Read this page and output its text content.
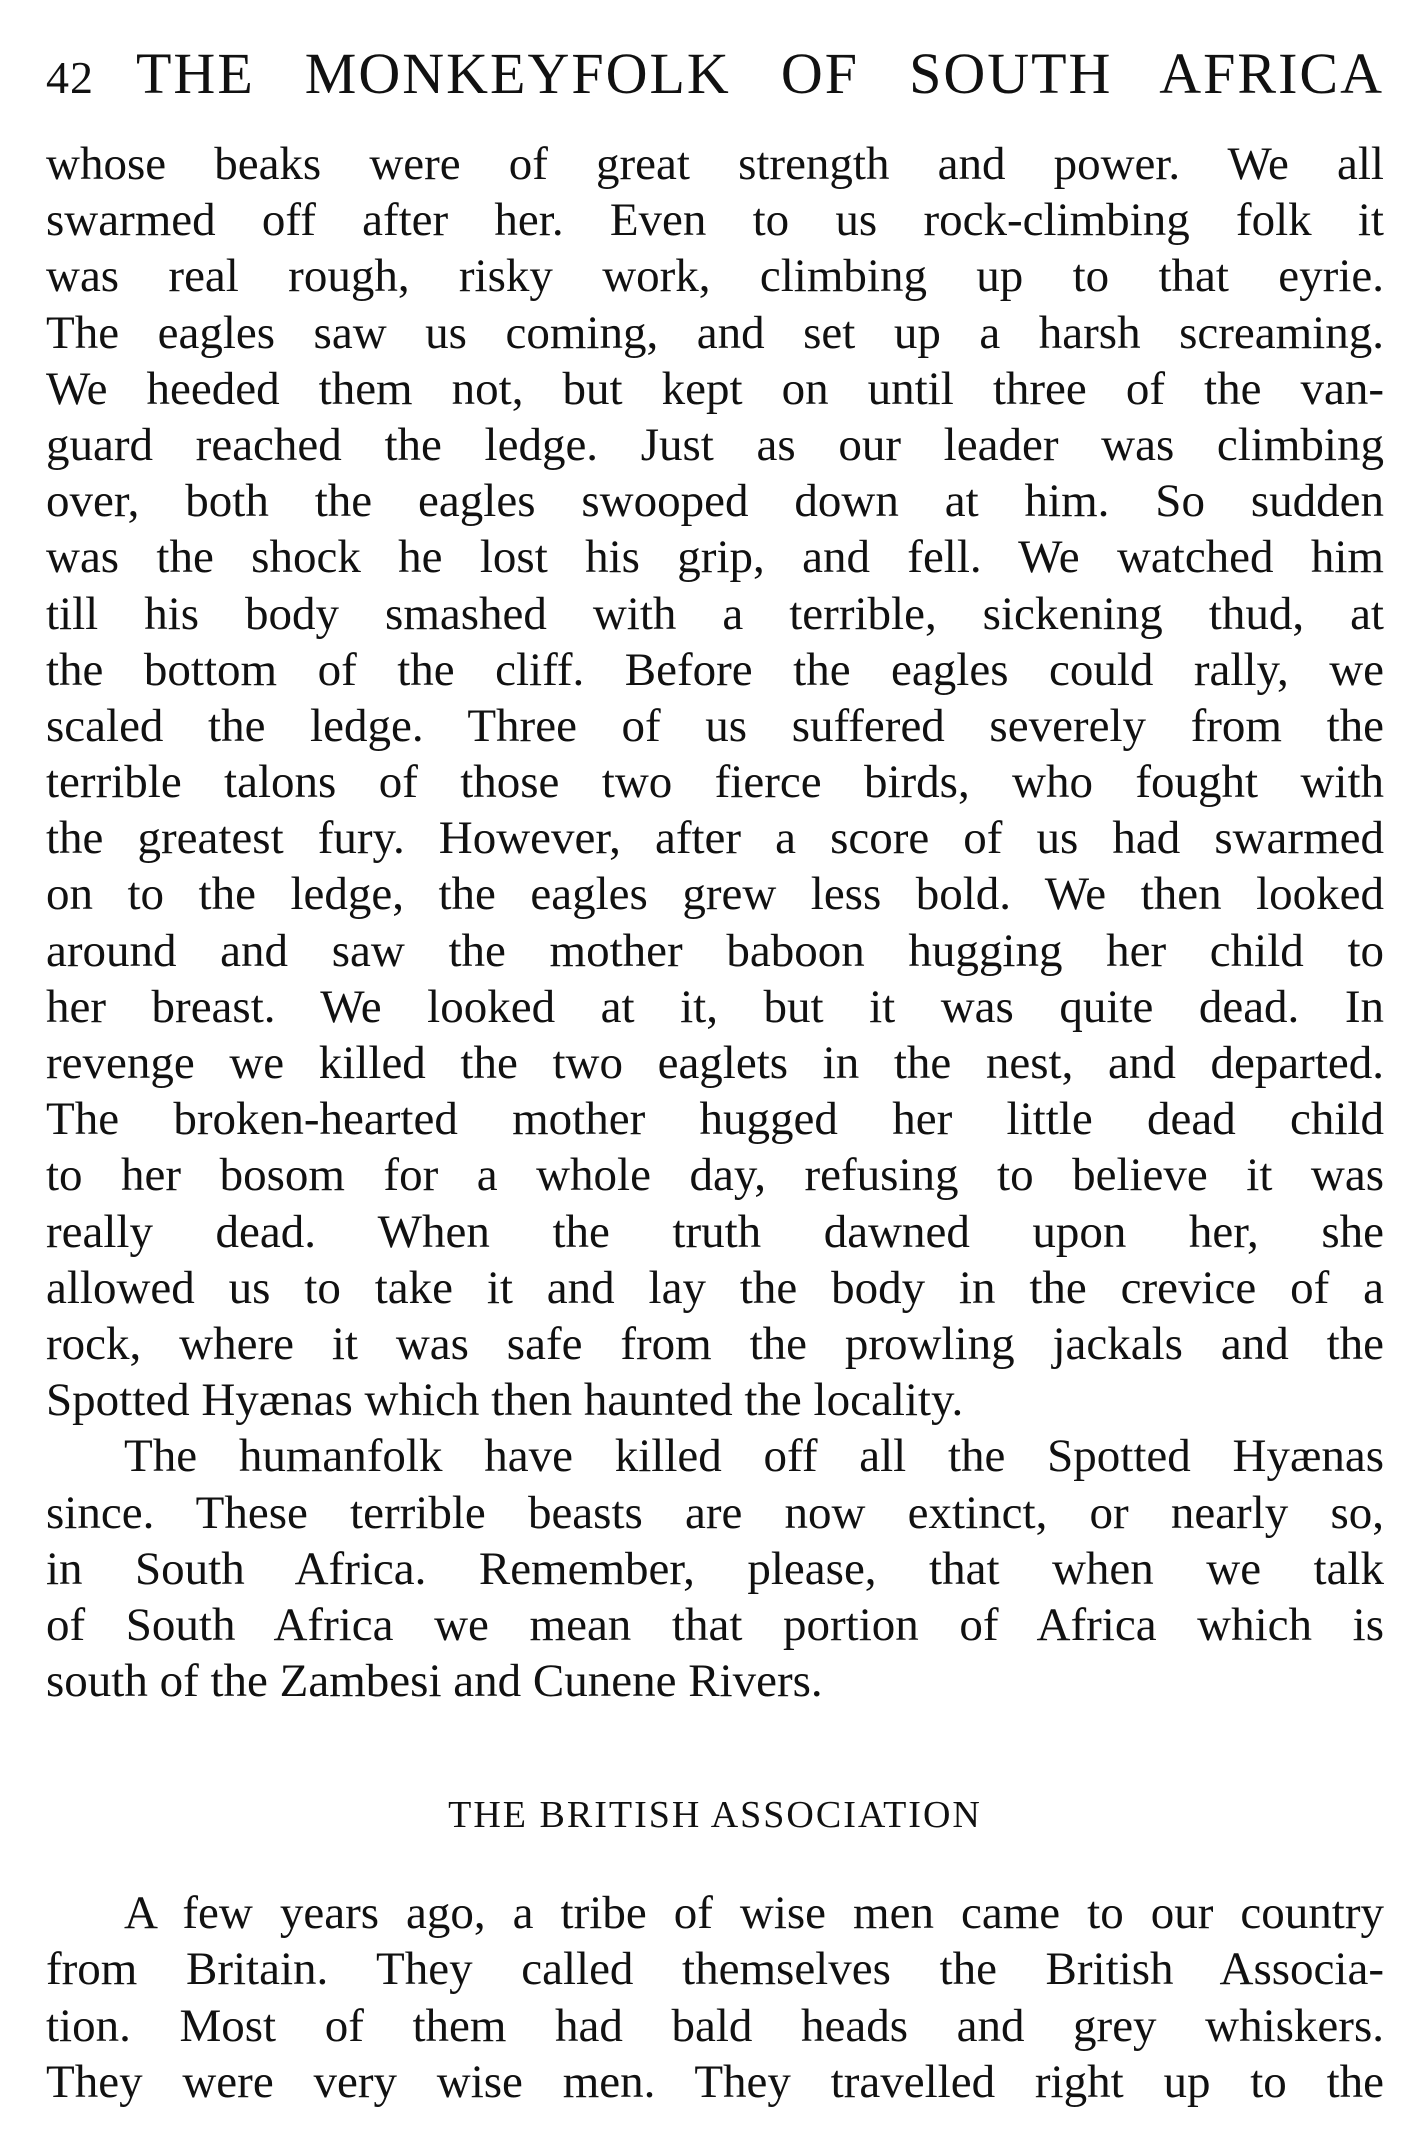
42 THE MONKEYFOLK OF SOUTH AFRICA
whose beaks were of great strength and power. We all
swarmed off after her. Even to us rock-climbing folk it
was real rough, risky work, climbing up to that eyrie.
The eagles saw us coming, and set up a harsh screaming.
We heeded them not, but kept on until three of the van-
guard reached the ledge. Just as our leader was climbing
over, both the eagles swooped down at him. So sudden
was the shock he lost his grip, and fell. We watched him
till his body smashed with a terrible, sickening thud, at
the bottom of the cliff. Before the eagles could rally, we
scaled the ledge. Three of us suffered severely from the
terrible talons of those two fierce birds, who fought with
the greatest fury. However, after a score of us had swarmed
on to the ledge, the eagles grew less bold. We then looked
around and saw the mother baboon hugging her child to
her breast. We looked at it, but it was quite dead. In
revenge we killed the two eaglets in the nest, and departed.
The broken-hearted mother hugged her little dead child
to her bosom for a whole day, refusing to believe it was
really dead. When the truth dawned upon her, she
allowed us to take it and lay the body in the crevice of a
rock, where it was safe from the prowling jackals and the
Spotted Hyænas which then haunted the locality.
The humanfolk have killed off all the Spotted Hyænas
since. These terrible beasts are now extinct, or nearly so,
in South Africa. Remember, please, that when we talk
of South Africa we mean that portion of Africa which is
south of the Zambesi and Cunene Rivers.
THE BRITISH ASSOCIATION
A few years ago, a tribe of wise men came to our country
from Britain. They called themselves the British Associa-
tion. Most of them had bald heads and grey whiskers.
They were very wise men. They travelled right up to the
